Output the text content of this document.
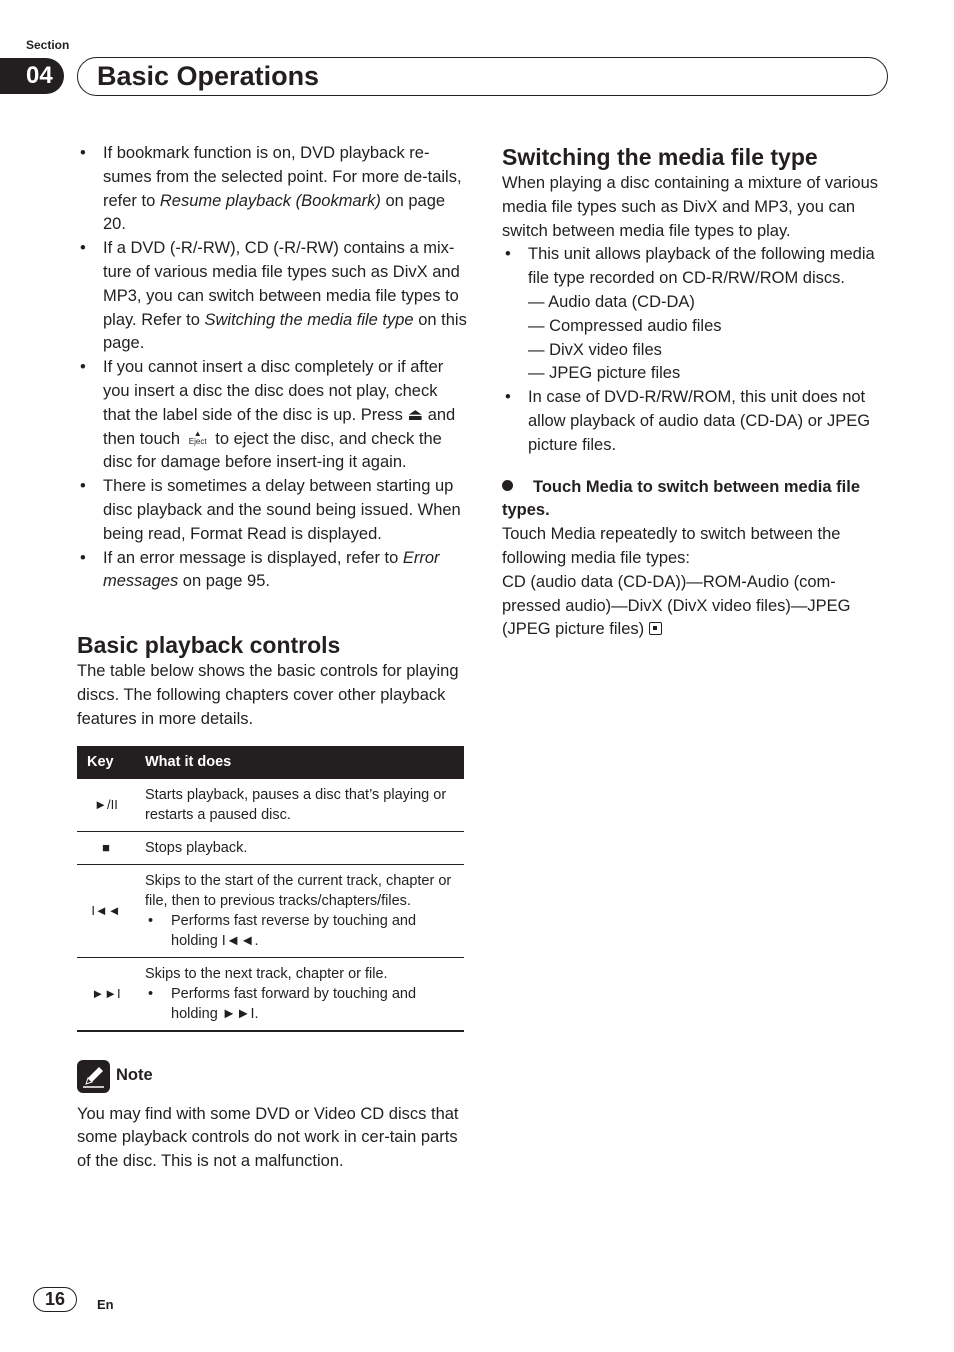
Section
04	Basic Operations
• If bookmark function is on, DVD playback re-sumes from the selected point. For more de-tails, refer to Resume playback (Bookmark) on page 20.
• If a DVD (-R/-RW), CD (-R/-RW) contains a mix-ture of various media file types such as DivX and MP3, you can switch between media file types to play. Refer to Switching the media file type on this page.
• If you cannot insert a disc completely or if after you insert a disc the disc does not play, check that the label side of the disc is up. Press ⏏ and then touch ▲
Eject to eject the disc, and check the disc for damage before insert-ing it again.
• There is sometimes a delay between starting up disc playback and the sound being issued. When being read, Format Read is displayed.
• If an error message is displayed, refer to Error messages on page 95.
Basic playback controls

The table below shows the basic controls for playing discs. The following chapters cover other playback features in more details.

Key	What it does
►/II	Starts playback, pauses a disc that’s playing or restarts a paused disc.
■	Stops playback.
I◄◄	Skips to the start of the current track, chapter or file, then to previous tracks/chapters/files.
• Performs fast reverse by touching and holding I◄◄.

►►I	Skips to the next track, chapter or file.
• Performs fast forward by touching and holding ►►I.
Note

You may find with some DVD or Video CD discs that some playback controls do not work in cer-tain parts of the disc. This is not a malfunction.

Switching the media file type

When playing a disc containing a mixture of various media file types such as DivX and MP3, you can switch between media file types to play.

• This unit allows playback of the following media file type recorded on CD-R/RW/ROM discs.
— Audio data (CD-DA)
— Compressed audio files
— DivX video files
— JPEG picture files
• In case of DVD-R/RW/ROM, this unit does not allow playback of audio data (CD-DA) or JPEG picture files.
Touch Media to switch between media file types.

Touch Media repeatedly to switch between the following media file types:

CD (audio data (CD-DA))—ROM-Audio (com-pressed audio)—DivX (DivX video files)—JPEG (JPEG picture files)

16	En
